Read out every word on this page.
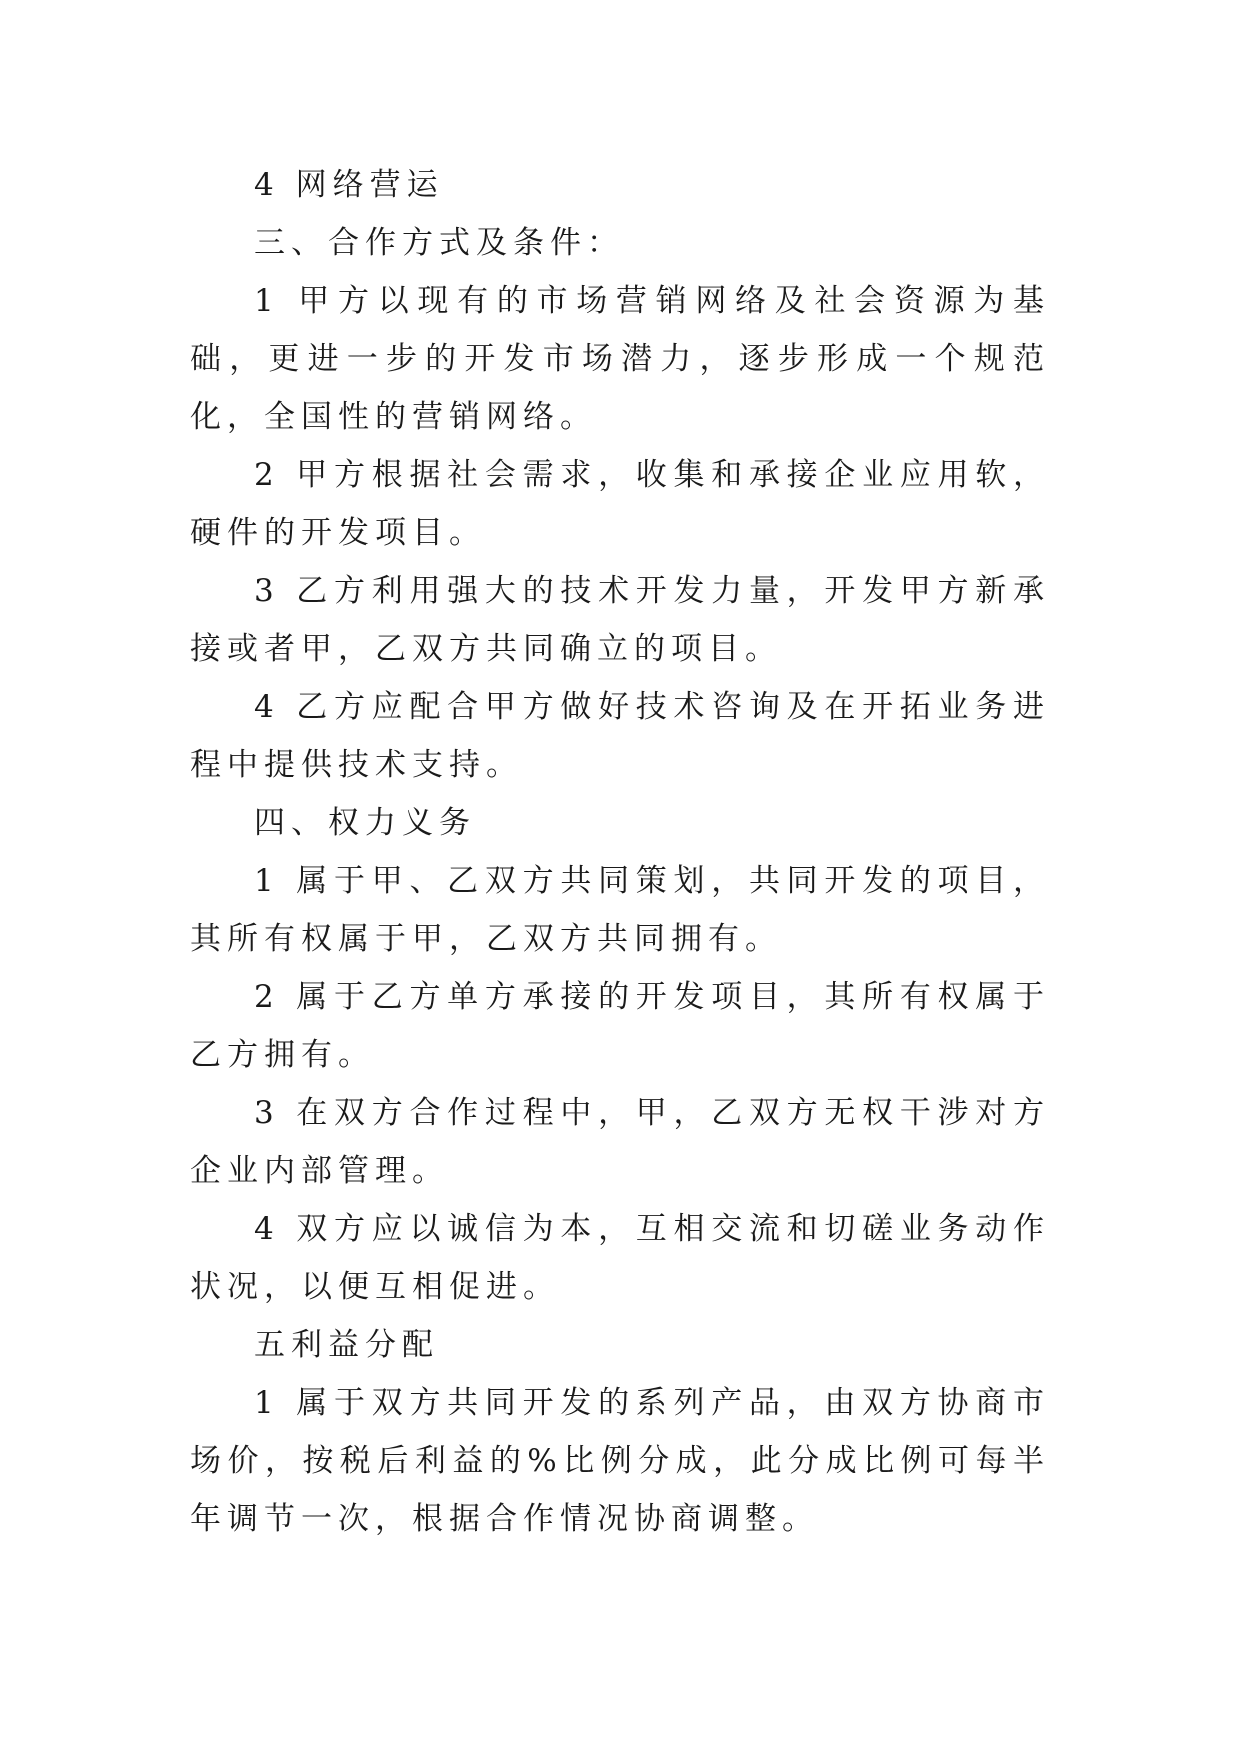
4 网络营运

三、合作方式及条件：

1 甲方以现有的市场营销网络及社会资源为基础，更进一步的开发市场潜力，逐步形成一个规范化，全国性的营销网络。

2 甲方根据社会需求，收集和承接企业应用软，硬件的开发项目。

3 乙方利用强大的技术开发力量，开发甲方新承接或者甲，乙双方共同确立的项目。

4 乙方应配合甲方做好技术咨询及在开拓业务进程中提供技术支持。

四、权力义务

1 属于甲、乙双方共同策划，共同开发的项目，其所有权属于甲，乙双方共同拥有。

2 属于乙方单方承接的开发项目，其所有权属于乙方拥有。

3 在双方合作过程中，甲，乙双方无权干涉对方企业内部管理。

4 双方应以诚信为本，互相交流和切磋业务动作状况，以便互相促进。

五利益分配

1 属于双方共同开发的系列产品，由双方协商市场价，按税后利益的%比例分成，此分成比例可每半年调节一次，根据合作情况协商调整。
